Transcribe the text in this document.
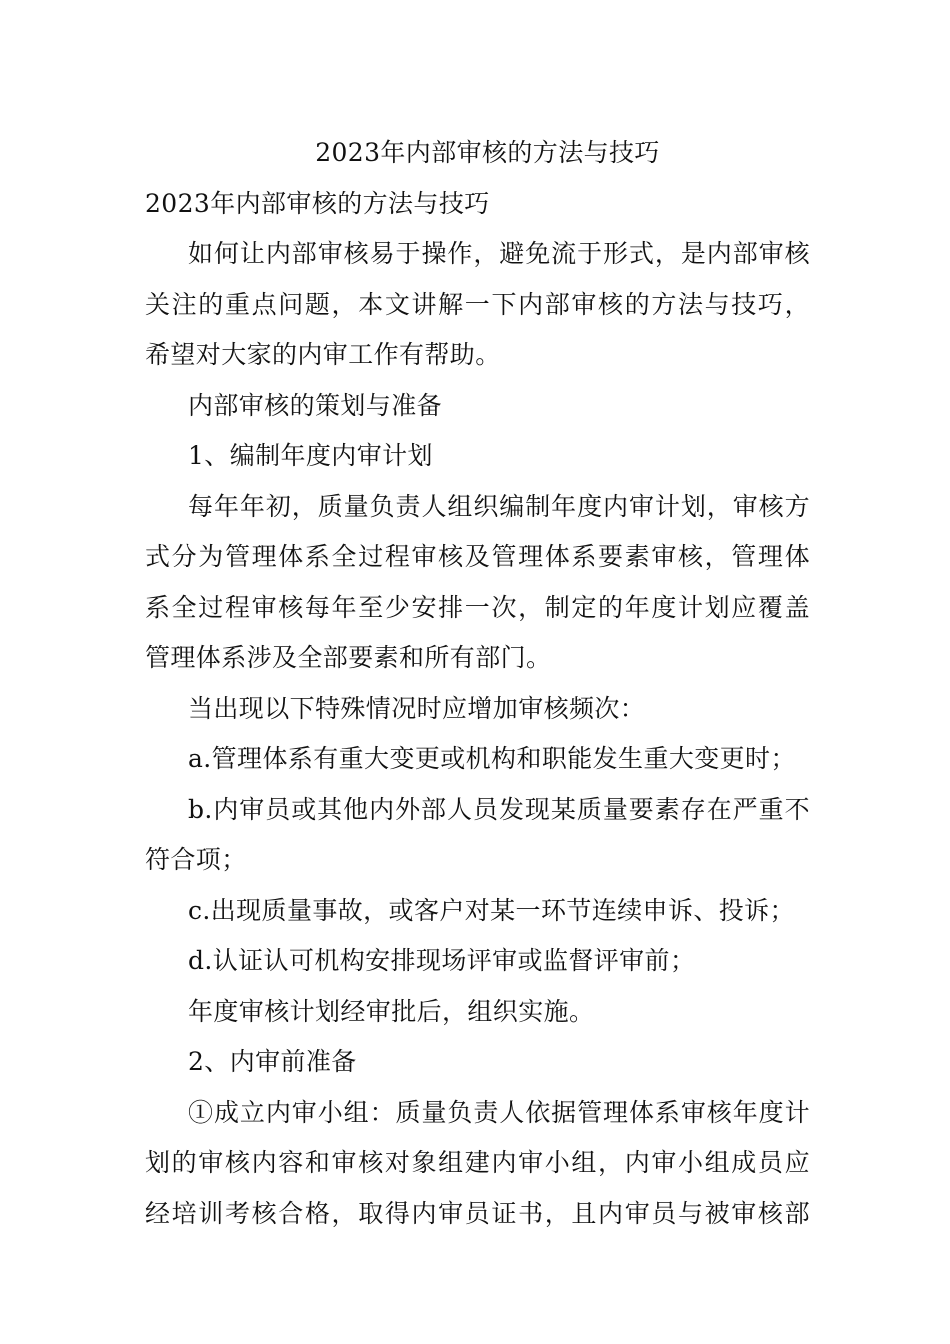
2023年内部审核的方法与技巧

2023年内部审核的方法与技巧

如何让内部审核易于操作，避免流于形式，是内部审核

关注的重点问题，本文讲解一下内部审核的方法与技巧，

希望对大家的内审工作有帮助。

内部审核的策划与准备

1、编制年度内审计划

每年年初，质量负责人组织编制年度内审计划，审核方

式分为管理体系全过程审核及管理体系要素审核，管理体

系全过程审核每年至少安排一次，制定的年度计划应覆盖

管理体系涉及全部要素和所有部门。

当出现以下特殊情况时应增加审核频次：

a.管理体系有重大变更或机构和职能发生重大变更时；

b.内审员或其他内外部人员发现某质量要素存在严重不

符合项；

c.出现质量事故，或客户对某一环节连续申诉、投诉；

d.认证认可机构安排现场评审或监督评审前；

年度审核计划经审批后，组织实施。

2、内审前准备

①成立内审小组：质量负责人依据管理体系审核年度计

划的审核内容和审核对象组建内审小组，内审小组成员应

经培训考核合格，取得内审员证书，且内审员与被审核部
